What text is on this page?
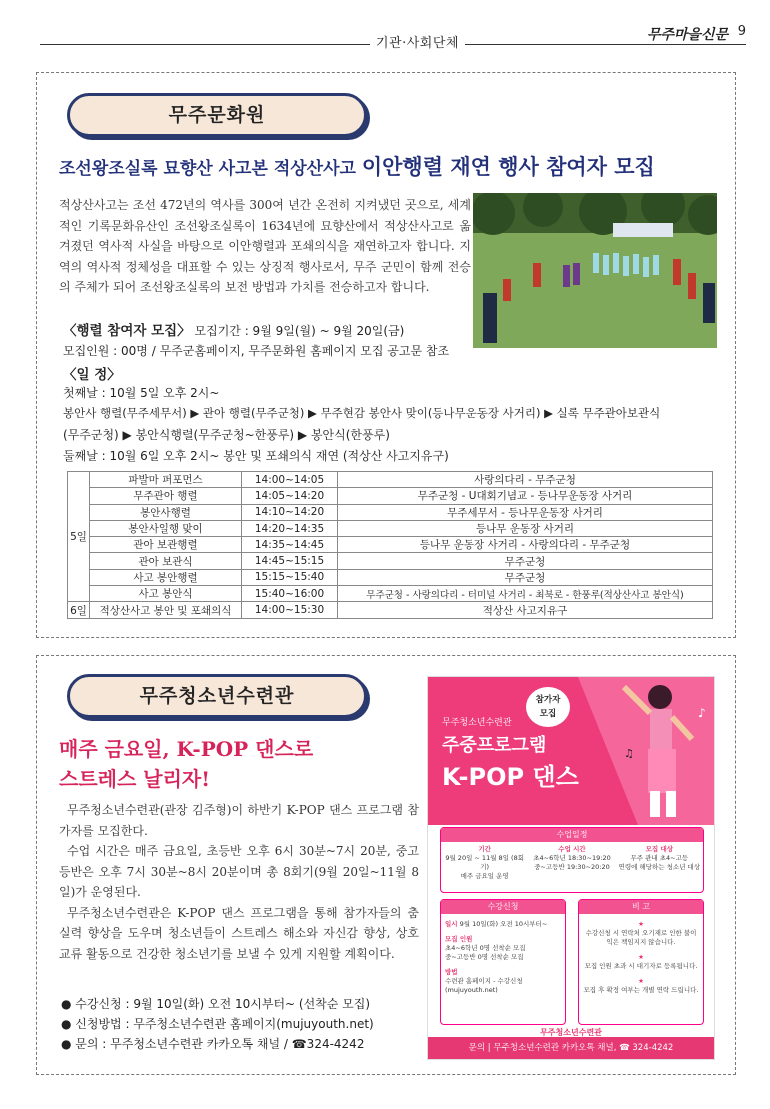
기관·사회단체
무주마을신문 9
무주문화원
조선왕조실록 묘향산 사고본 적상산사고 이안행렬 재연 행사 참여자 모집

적상산사고는 조선 472년의 역사를 300여 년간 온전히 지켜냈던 곳으로, 세계적인 기록문화유산인 조선왕조실록이 1634년에 묘향산에서 적상산사고로 옮겨졌던 역사적 사실을 바탕으로 이안행렬과 포쇄의식을 재연하고자 합니다. 지역의 역사적 정체성을 대표할 수 있는 상징적 행사로서, 무주 군민이 함께 전승의 주체가 되어 조선왕조실록의 보전 방법과 가치를 전승하고자 합니다.

〈행렬 참여자 모집〉 모집기간 : 9월 9일(월) ~ 9월 20일(금)
모집인원 : 00명 / 무주군홈페이지, 무주문화원 홈페이지 모집 공고문 참조
〈일 정〉
첫째날 : 10월 5일 오후 2시~
봉안사 행렬(무주세무서) ▶ 관아 행렬(무주군청) ▶ 무주현감 봉안사 맞이(등나무운동장 사거리) ▶ 실록 무주관아보관식
(무주군청) ▶ 봉안식행렬(무주군청~한풍루) ▶ 봉안식(한풍루)
둘째날 : 10월 6일 오후 2시~ 봉안 및 포쇄의식 재연 (적상산 사고지유구)
5일	파발마 퍼포먼스	14:00~14:05	사랑의다리 - 무주군청
	무주관아 행렬	14:05~14:20	무주군청 - U대회기념교 - 등나무운동장 사거리
	봉안사행렬	14:10~14:20	무주세무서 - 등나무운동장 사거리
	봉안사일행 맞이	14:20~14:35	등나무 운동장 사거리
	관아 보관행렬	14:35~14:45	등나무 운동장 사거리 - 사랑의다리 - 무주군청
	관아 보관식	14:45~15:15	무주군청
	사고 봉안행렬	15:15~15:40	무주군청
	사고 봉안식	15:40~16:00	무주군청 - 사랑의다리 - 터미널 사거리 - 최북로 - 한풍루(적상산사고 봉안식)
6일	적상산사고 봉안 및 포쇄의식	14:00~15:30	적상산 사고지유구
무주청소년수련관
매주 금요일, K-POP 댄스로
스트레스 날리자!

무주청소년수련관(관장 김주형)이 하반기 K-POP 댄스 프로그램 참가자를 모집한다.

수업 시간은 매주 금요일, 초등반 오후 6시 30분~7시 20분, 중고등반은 오후 7시 30분~8시 20분이며 총 8회기(9월 20일~11월 8일)가 운영된다.

무주청소년수련관은 K-POP 댄스 프로그램을 통해 참가자들의 춤 실력 향상을 도우며 청소년들이 스트레스 해소와 자신감 향상, 상호 교류 활동으로 건강한 청소년기를 보낼 수 있게 지원할 계획이다.

● 수강신청 : 9월 10일(화) 오전 10시부터~ (선착순 모집)
● 신청방법 : 무주청소년수련관 홈페이지(mujuyouth.net)
● 문의 : 무주청소년수련관 카카오톡 채널 / ☎324-4242
♪
♫
참가자
모집
무주청소년수련관
주중프로그램
K-POP 댄스
수업일정
기간
9월 20일 ~ 11월 8일 (8회기)
매주 금요일 운영
수업 시간
초4~6학년 18:30~19:20
중~고등반 19:30~20:20
모집 대상
무주 관내 초4~고등
연령에 해당하는 청소년 대상
수강신청
일시 9월 10일(화) 오전 10시부터~
모집 인원
초4~6학년 0명 선착순 모집
중~고등반 0명 선착순 모집
방법
수련관 홈페이지 - 수강신청
(mujuyouth.net)
비 고
★
수강신청 시 연락처 오기재로 인한 불이익은 책임지지 않습니다.
★
모집 인원 초과 시 대기자로 등록됩니다.
★
모집 후 확정 여부는 개별 연락 드립니다.
무주청소년수련관
문의 | 무주청소년수련관 카카오톡 채널, ☎ 324-4242
